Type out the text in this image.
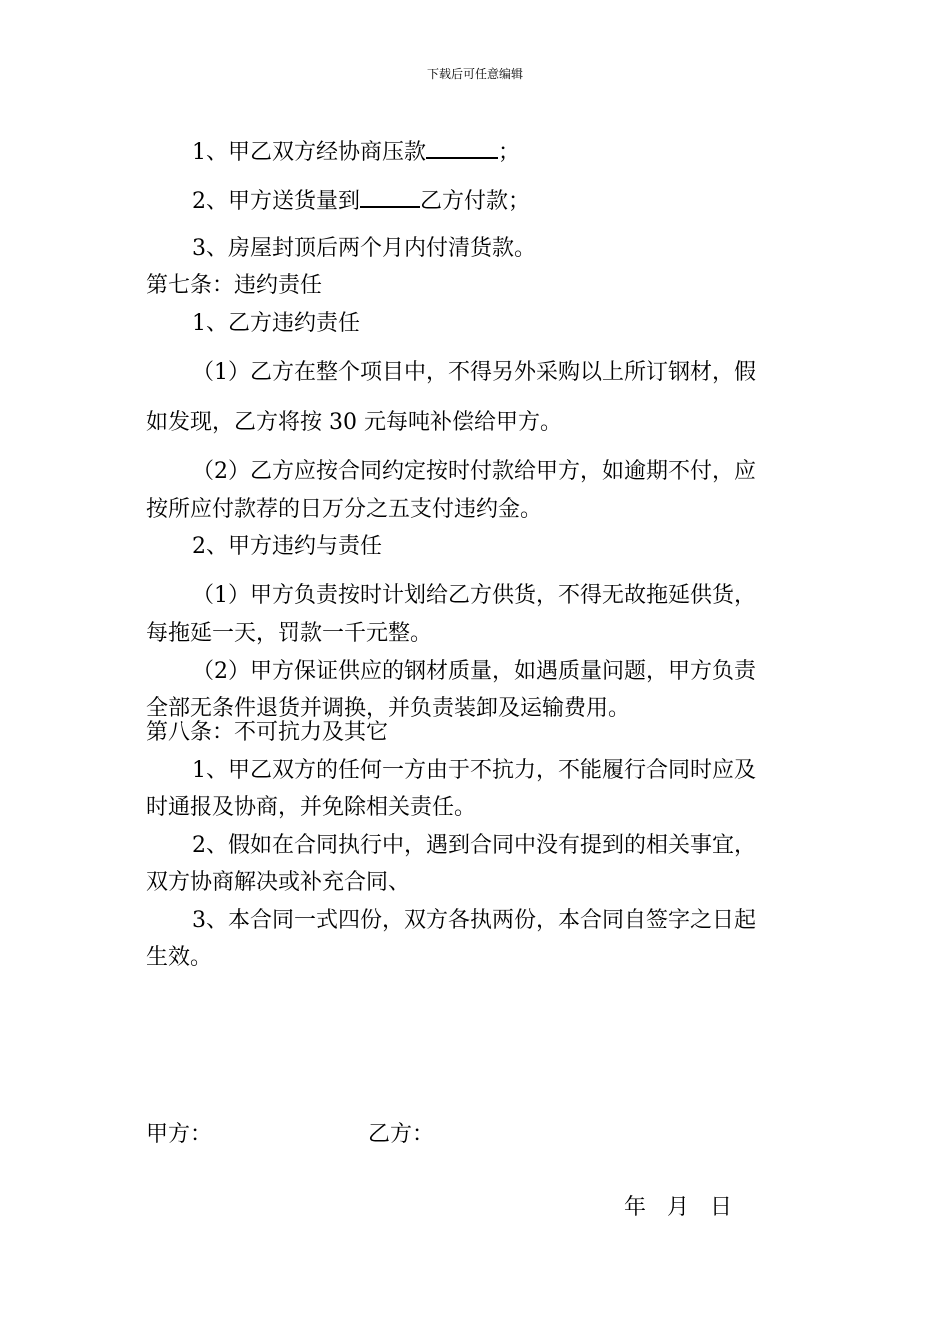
下载后可任意编辑
1、甲乙双方经协商压款	；
2、甲方送货量到	乙方付款；
3、房屋封顶后两个月内付清货款。
第七条：违约责任
1、乙方违约责任
（1）乙方在整个项目中，不得另外采购以上所订钢材，假
如发现，乙方将按 30 元每吨补偿给甲方。
（2）乙方应按合同约定按时付款给甲方，如逾期不付，应
按所应付款荐的日万分之五支付违约金。
2、甲方违约与责任
（1）甲方负责按时计划给乙方供货，不得无故拖延供货，
每拖延一天，罚款一千元整。
（2）甲方保证供应的钢材质量，如遇质量问题，甲方负责
全部无条件退货并调换，并负责装卸及运输费用。
第八条：不可抗力及其它
1、甲乙双方的任何一方由于不抗力，不能履行合同时应及
时通报及协商，并免除相关责任。
2、假如在合同执行中，遇到合同中没有提到的相关事宜，
双方协商解决或补充合同、
3、本合同一式四份，双方各执两份，本合同自签字之日起
生效。
甲方：	乙方：
年   月   日
